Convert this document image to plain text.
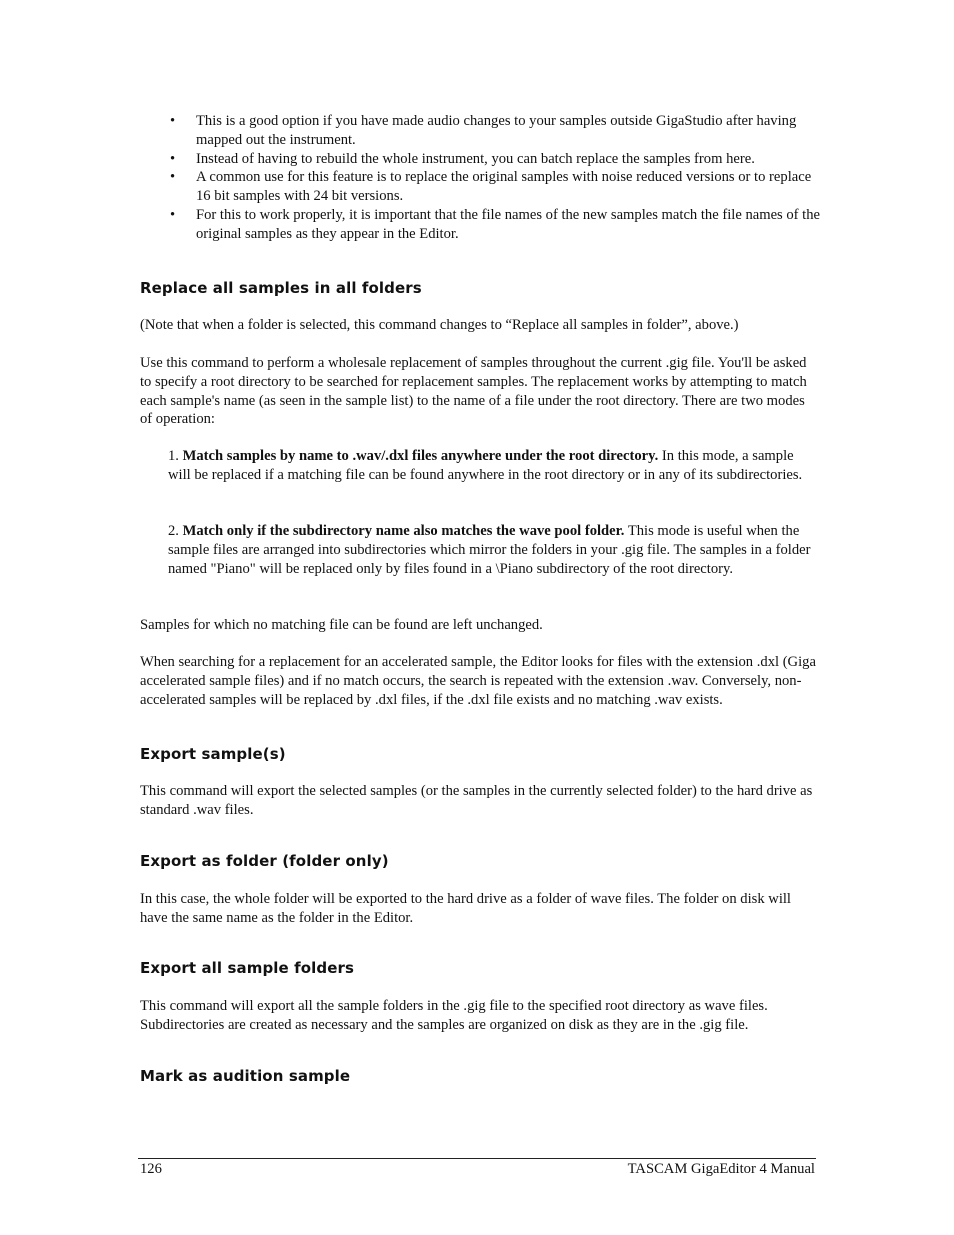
• This is a good option if you have made audio changes to your samples outside GigaStudio after having mapped out the instrument.
• Instead of having to rebuild the whole instrument, you can batch replace the samples from here.
• A common use for this feature is to replace the original samples with noise reduced versions or to replace 16 bit samples with 24 bit versions.
• For this to work properly, it is important that the file names of the new samples match the file names of the original samples as they appear in the Editor.
Replace all samples in all folders

(Note that when a folder is selected, this command changes to “Replace all samples in folder”, above.)

Use this command to perform a wholesale replacement of samples throughout the current .gig file. You'll be asked to specify a root directory to be searched for replacement samples. The replacement works by attempting to match each sample's name (as seen in the sample list) to the name of a file under the root directory. There are two modes of operation:

1. Match samples by name to .wav/.dxl files anywhere under the root directory. In this mode, a sample will be replaced if a matching file can be found anywhere in the root directory or in any of its subdirectories.

2. Match only if the subdirectory name also matches the wave pool folder. This mode is useful when the sample files are arranged into subdirectories which mirror the folders in your .gig file. The samples in a folder named "Piano" will be replaced only by files found in a \Piano subdirectory of the root directory.

Samples for which no matching file can be found are left unchanged.

When searching for a replacement for an accelerated sample, the Editor looks for files with the extension .dxl (Giga accelerated sample files) and if no match occurs, the search is repeated with the extension .wav. Conversely, non-accelerated samples will be replaced by .dxl files, if the .dxl file exists and no matching .wav exists.

Export sample(s)

This command will export the selected samples (or the samples in the currently selected folder) to the hard drive as standard .wav files.

Export as folder (folder only)

In this case, the whole folder will be exported to the hard drive as a folder of wave files. The folder on disk will have the same name as the folder in the Editor.

Export all sample folders

This command will export all the sample folders in the .gig file to the specified root directory as wave files. Subdirectories are created as necessary and the samples are organized on disk as they are in the .gig file.

Mark as audition sample
126	TASCAM GigaEditor 4 Manual
